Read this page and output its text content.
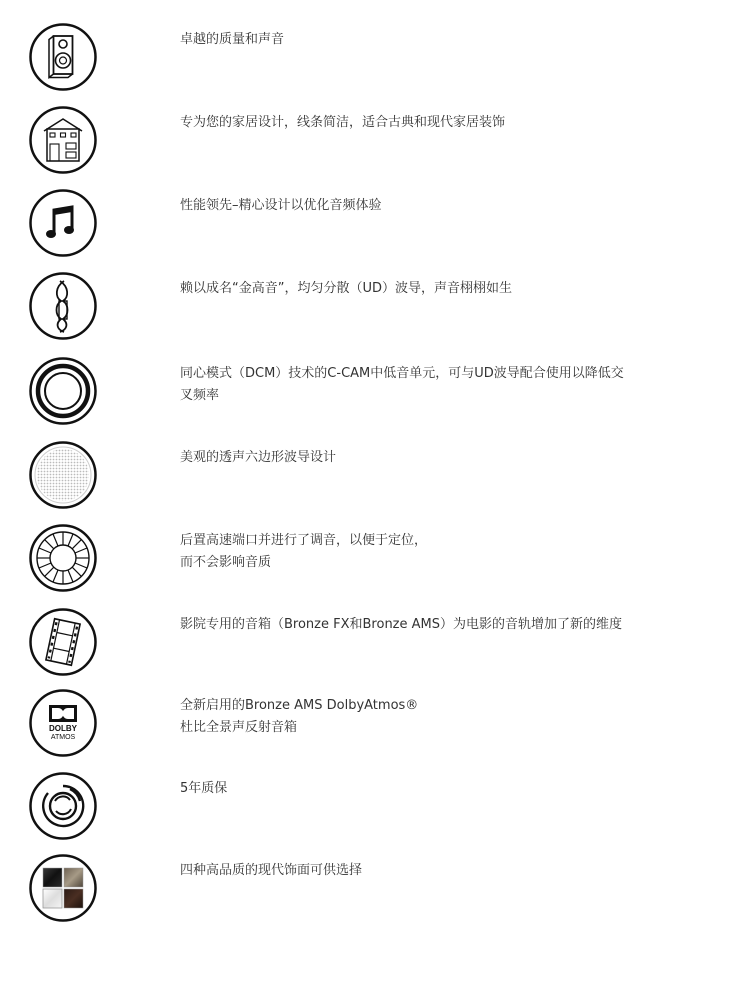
卓越的质量和声音
专为您的家居设计，线条简洁，适合古典和现代家居装饰
性能领先–精心设计以优化音频体验
赖以成名“金高音”，均匀分散（UD）波导，声音栩栩如生
同心模式（DCM）技术的C-CAM中低音单元，可与UD波导配合使用以降低交
叉频率
美观的透声六边形波导设计
后置高速端口并进行了调音，以便于定位，
而不会影响音质
影院专用的音箱（Bronze FX和Bronze AMS）为电影的音轨增加了新的维度
DOLBY
ATMOS
全新启用的Bronze AMS DolbyAtmos®
杜比全景声反射音箱
5年质保
四种高品质的现代饰面可供选择
